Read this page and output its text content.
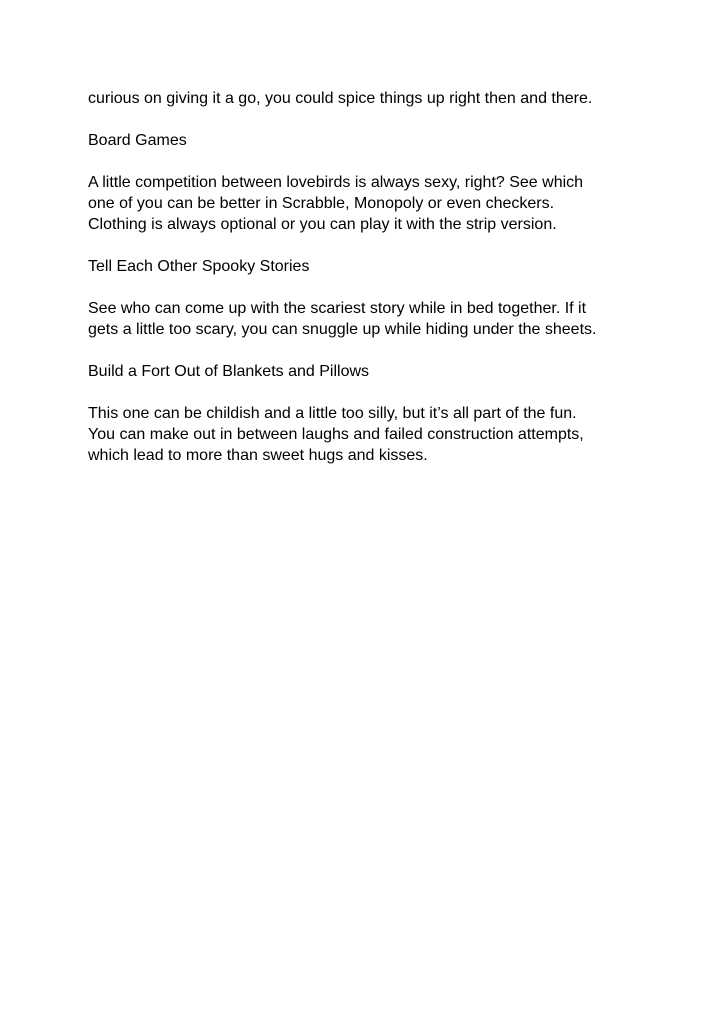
curious on giving it a go, you could spice things up right then and there.
Board Games
A little competition between lovebirds is always sexy, right? See which
one of you can be better in Scrabble, Monopoly or even checkers.
Clothing is always optional or you can play it with the strip version.
Tell Each Other Spooky Stories
See who can come up with the scariest story while in bed together. If it
gets a little too scary, you can snuggle up while hiding under the sheets.
Build a Fort Out of Blankets and Pillows
This one can be childish and a little too silly, but it’s all part of the fun.
You can make out in between laughs and failed construction attempts,
which lead to more than sweet hugs and kisses.
